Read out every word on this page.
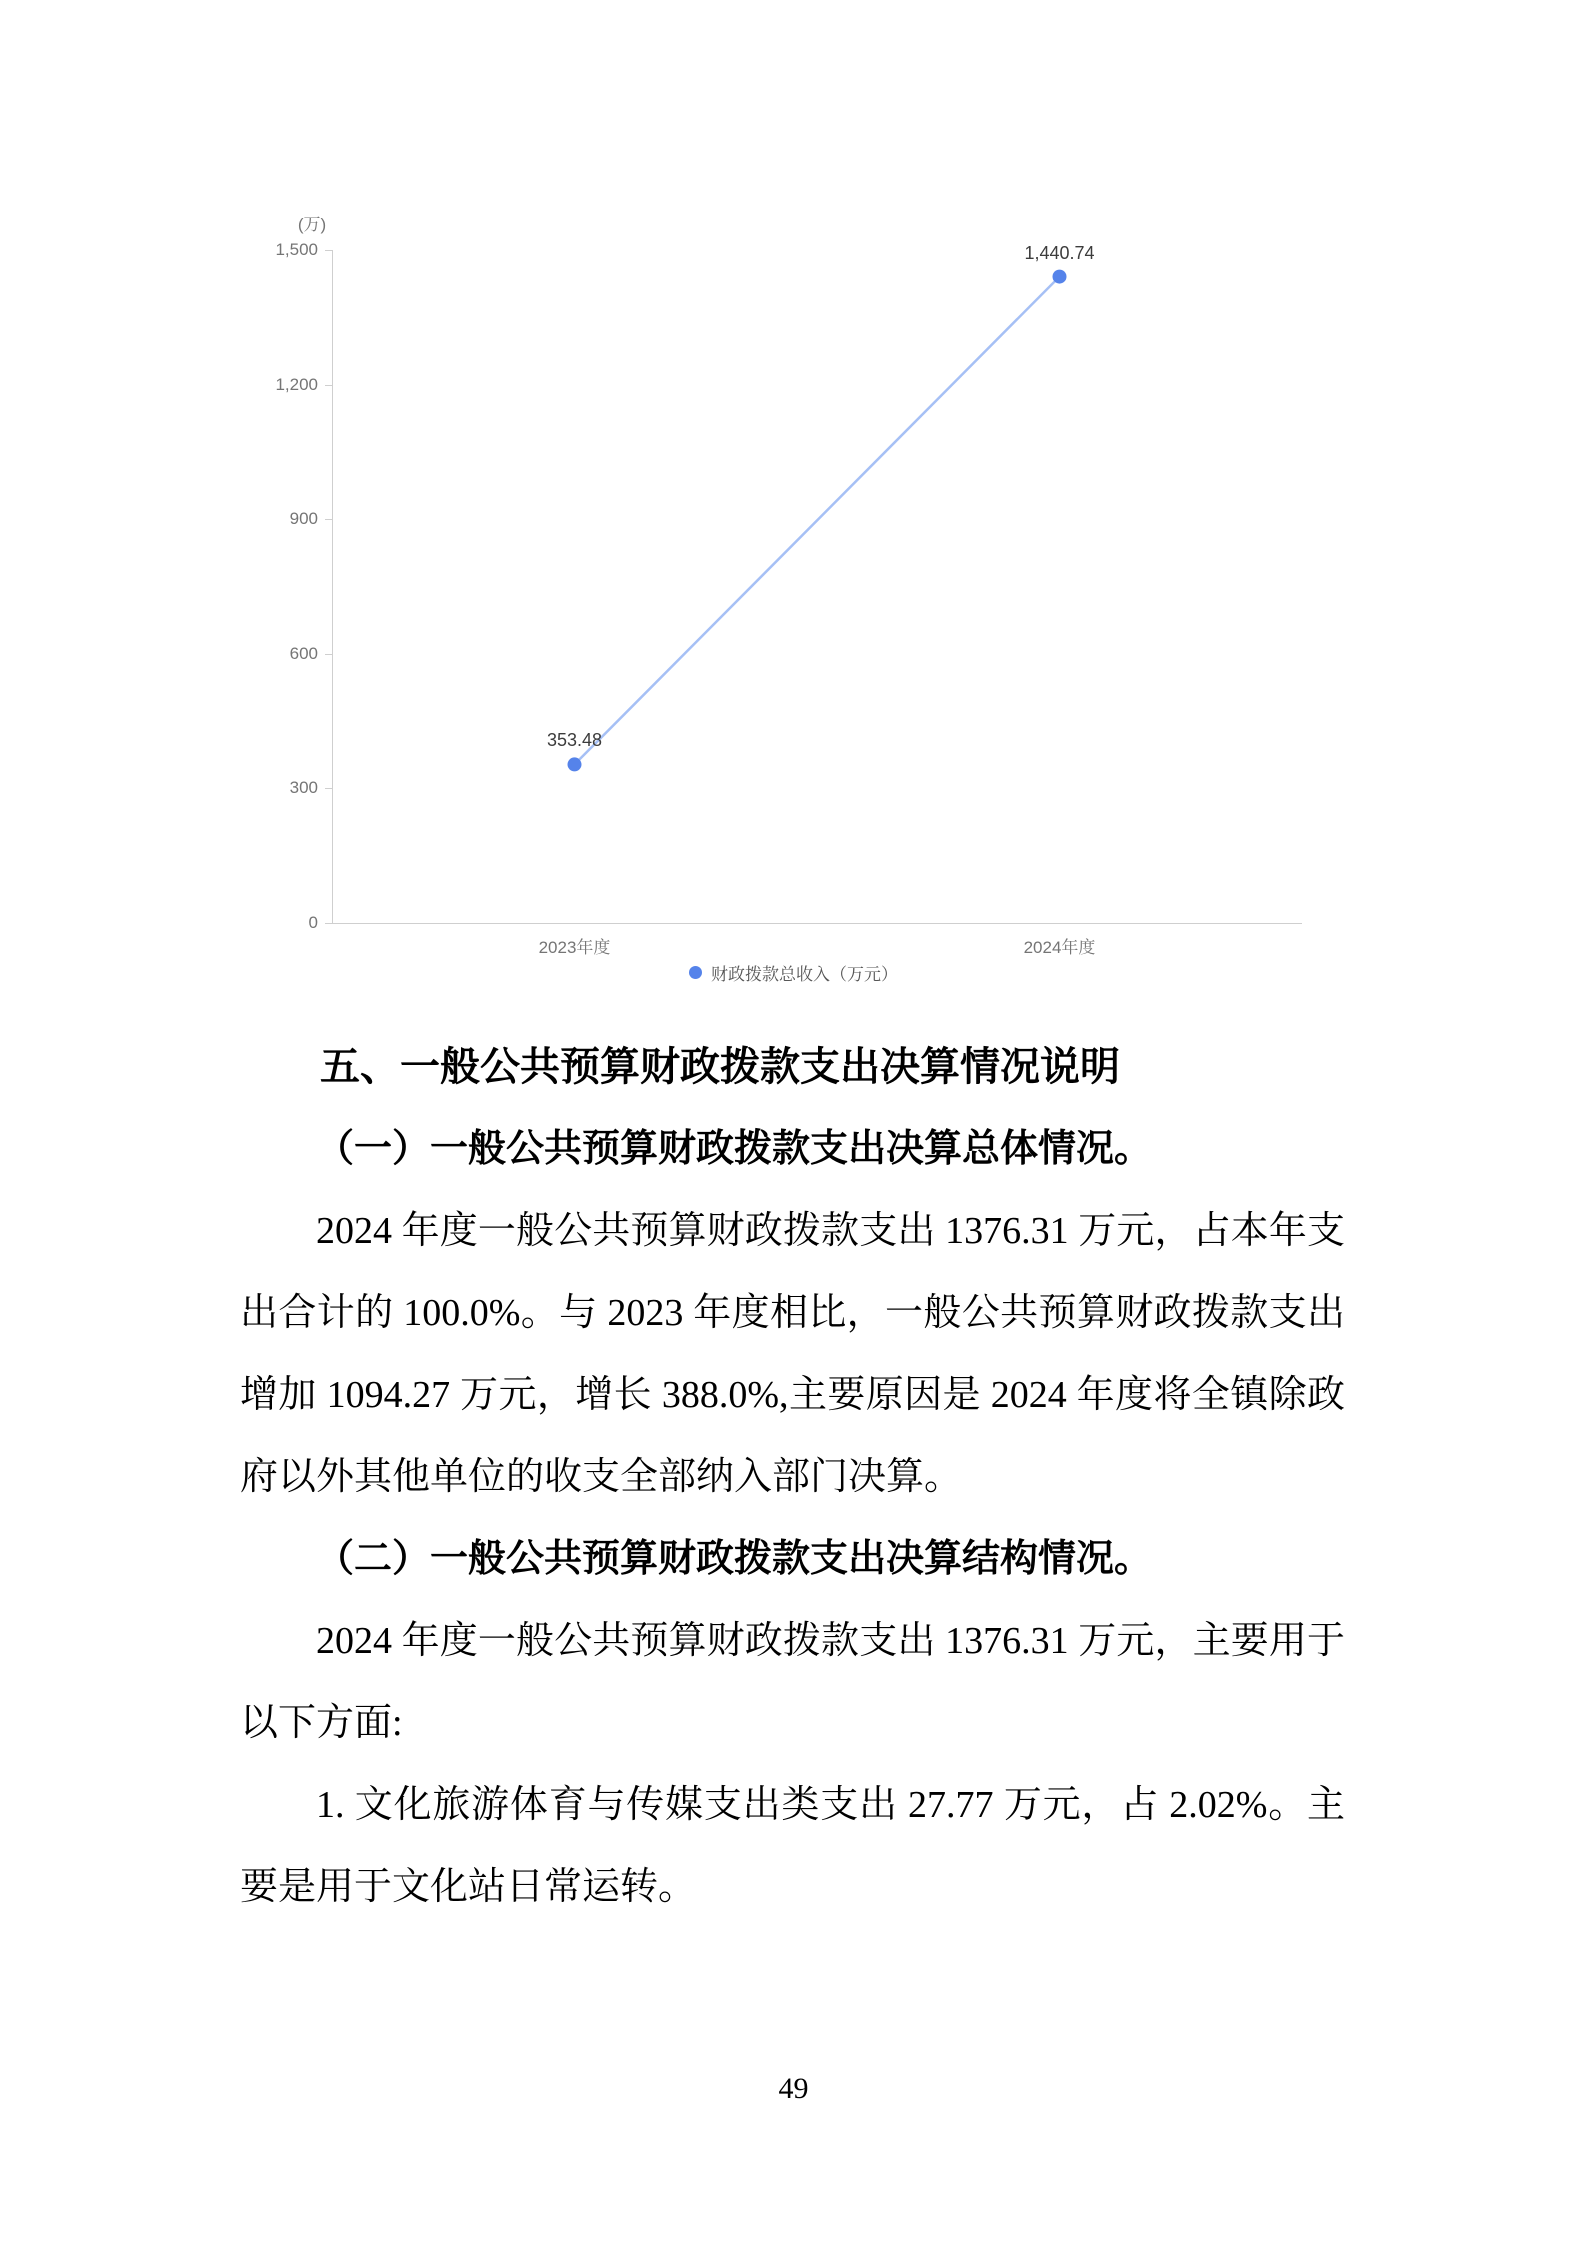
(万)
财政拨款总收入（万元）
0
300
600
900
1,200
1,500
2023年度	2024年度
353.48
1,440.74
五、一般公共预算财政拨款支出决算情况说明
（一）一般公共预算财政拨款支出决算总体情况。

2024 年度一般公共预算财政拨款支出 1376.31 万元，占本年支出合计的 100.0%。与 2023 年度相比，一般公共预算财政拨款支出增加 1094.27 万元，增长 388.0%,主要原因是 2024 年度将全镇除政府以外其他单位的收支全部纳入部门决算。

（二）一般公共预算财政拨款支出决算结构情况。

2024 年度一般公共预算财政拨款支出 1376.31 万元，主要用于以下方面:

1. 文化旅游体育与传媒支出类支出 27.77 万元，占 2.02%。主要是用于文化站日常运转。

49
